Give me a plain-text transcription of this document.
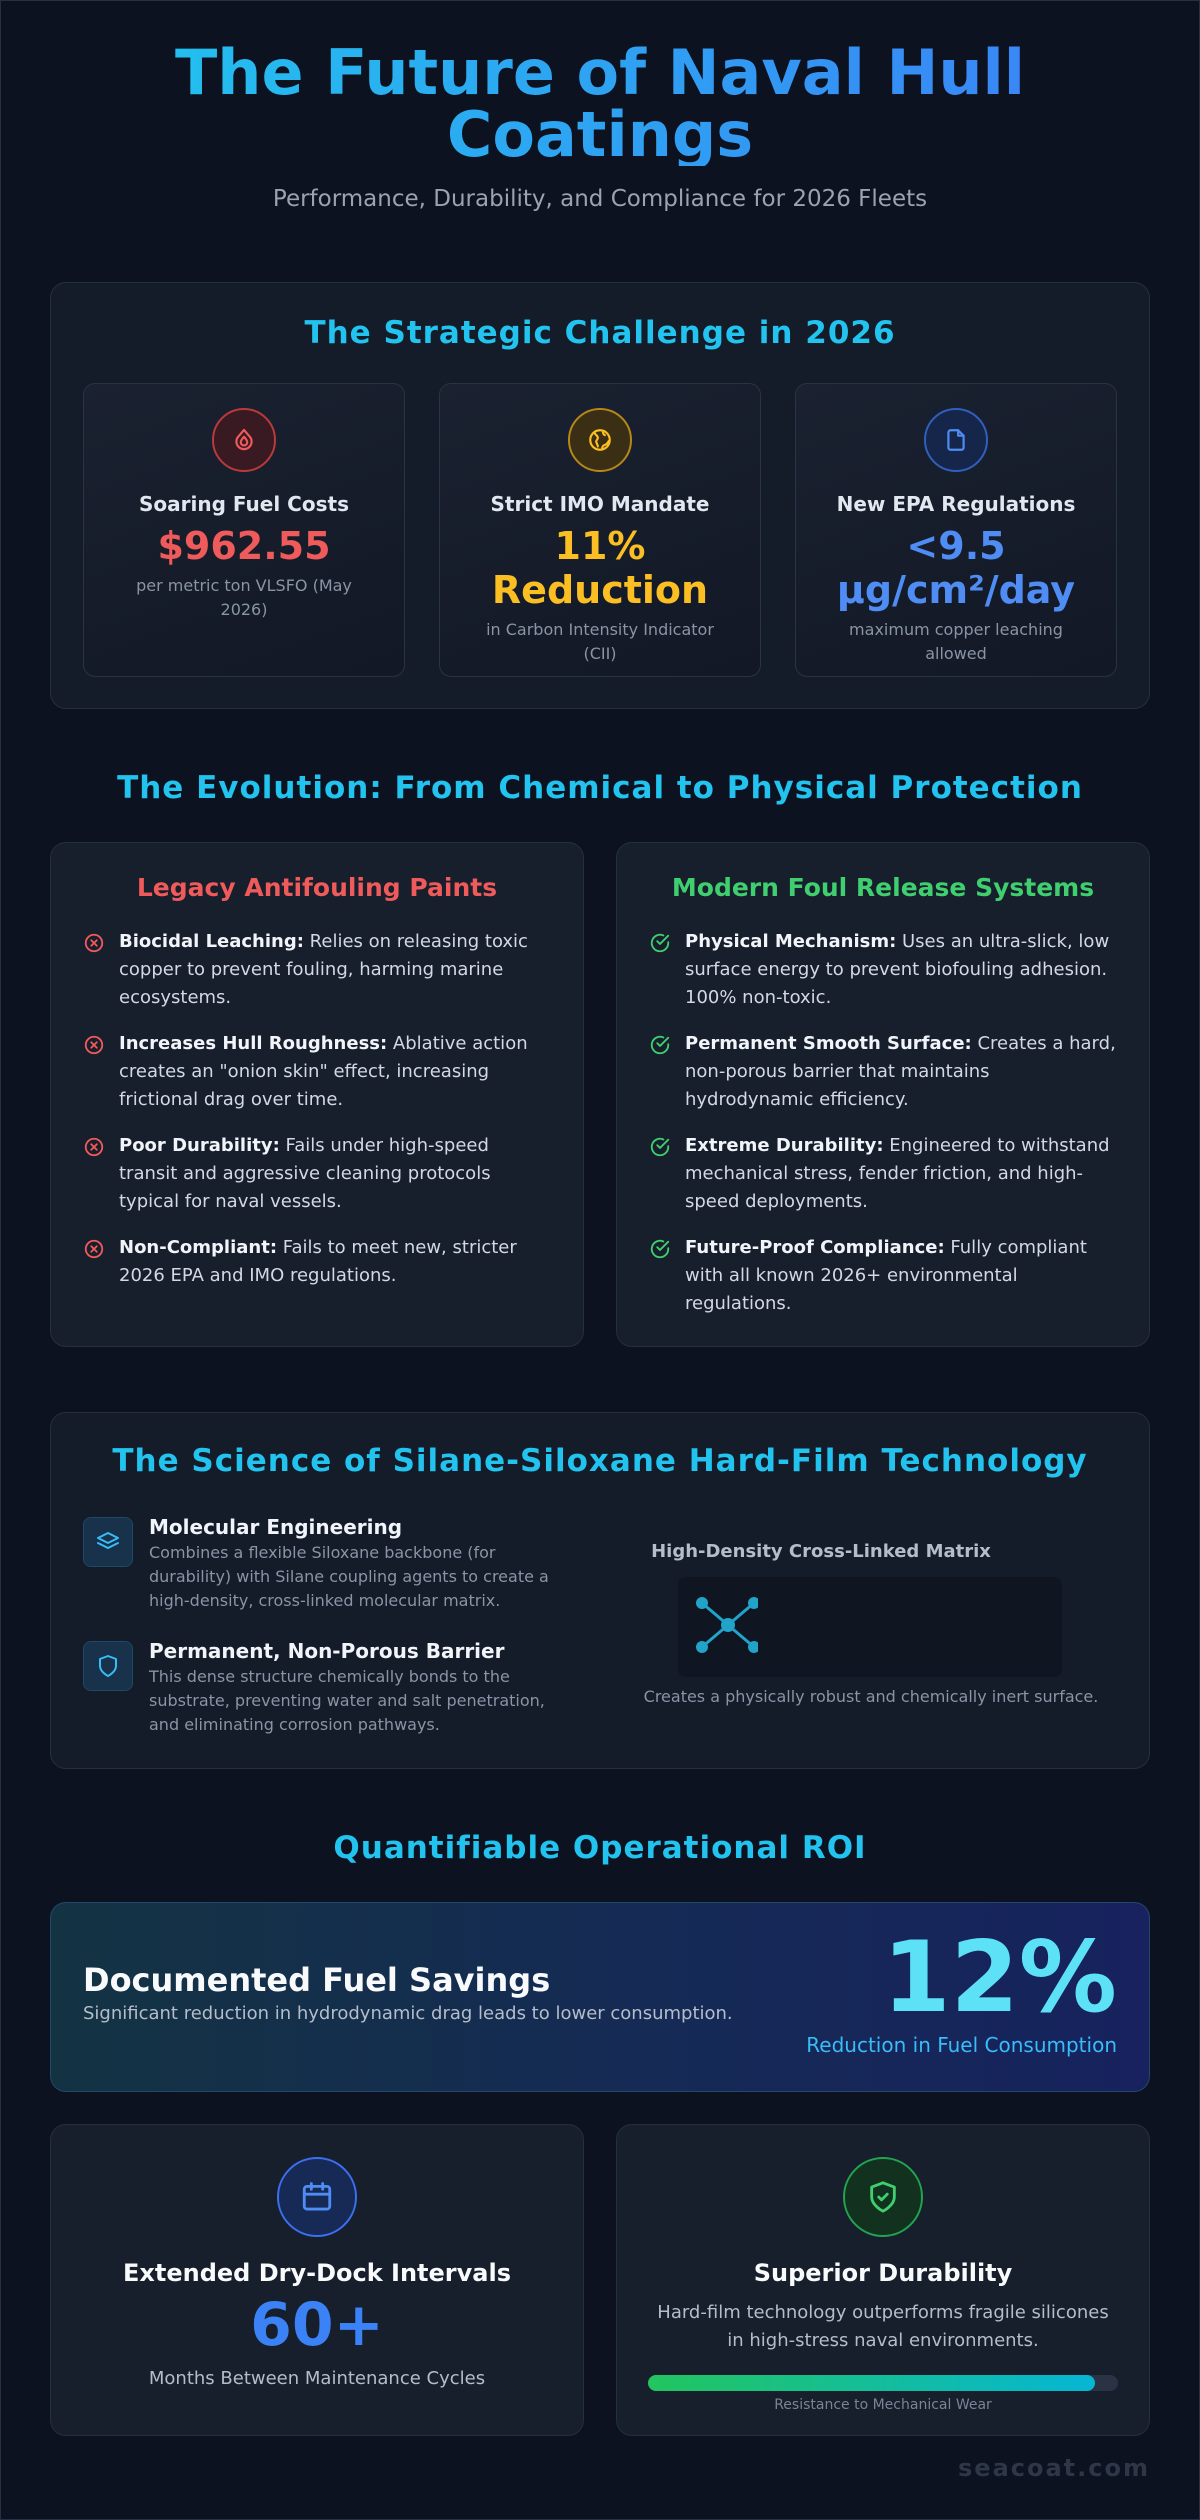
The Future of Naval Hull Coatings
Performance, Durability, and Compliance for 2026 Fleets
The Strategic Challenge in 2026
Soaring Fuel Costs
$962.55
per metric ton VLSFO (May 2026)
Strict IMO Mandate
11% Reduction
in Carbon Intensity Indicator (CII)
New EPA Regulations
<9.5 µg/cm²/day
maximum copper leaching allowed
The Evolution: From Chemical to Physical Protection
Legacy Antifouling Paints
Biocidal Leaching: Relies on releasing toxic copper to prevent fouling, harming marine ecosystems.
Increases Hull Roughness: Ablative action creates an "onion skin" effect, increasing frictional drag over time.
Poor Durability: Fails under high-speed transit and aggressive cleaning protocols typical for naval vessels.
Non-Compliant: Fails to meet new, stricter 2026 EPA and IMO regulations.
Modern Foul Release Systems
Physical Mechanism: Uses an ultra-slick, low surface energy to prevent biofouling adhesion. 100% non-toxic.
Permanent Smooth Surface: Creates a hard, non-porous barrier that maintains hydrodynamic efficiency.
Extreme Durability: Engineered to withstand mechanical stress, fender friction, and high-speed deployments.
Future-Proof Compliance: Fully compliant with all known 2026+ environmental regulations.
The Science of Silane-Siloxane Hard-Film Technology
Molecular Engineering
Combines a flexible Siloxane backbone (for durability) with Silane coupling agents to create a high-density, cross-linked molecular matrix.
Permanent, Non-Porous Barrier
This dense structure chemically bonds to the substrate, preventing water and salt penetration, and eliminating corrosion pathways.
High-Density Cross-Linked Matrix
Creates a physically robust and chemically inert surface.
Quantifiable Operational ROI
Documented Fuel Savings
Significant reduction in hydrodynamic drag leads to lower consumption. 12%
Reduction in Fuel Consumption
Extended Dry-Dock Intervals
60+
Months Between Maintenance Cycles
Superior Durability
Hard-film technology outperforms fragile silicones in high-stress naval environments.
Resistance to Mechanical Wear
seacoat.com
